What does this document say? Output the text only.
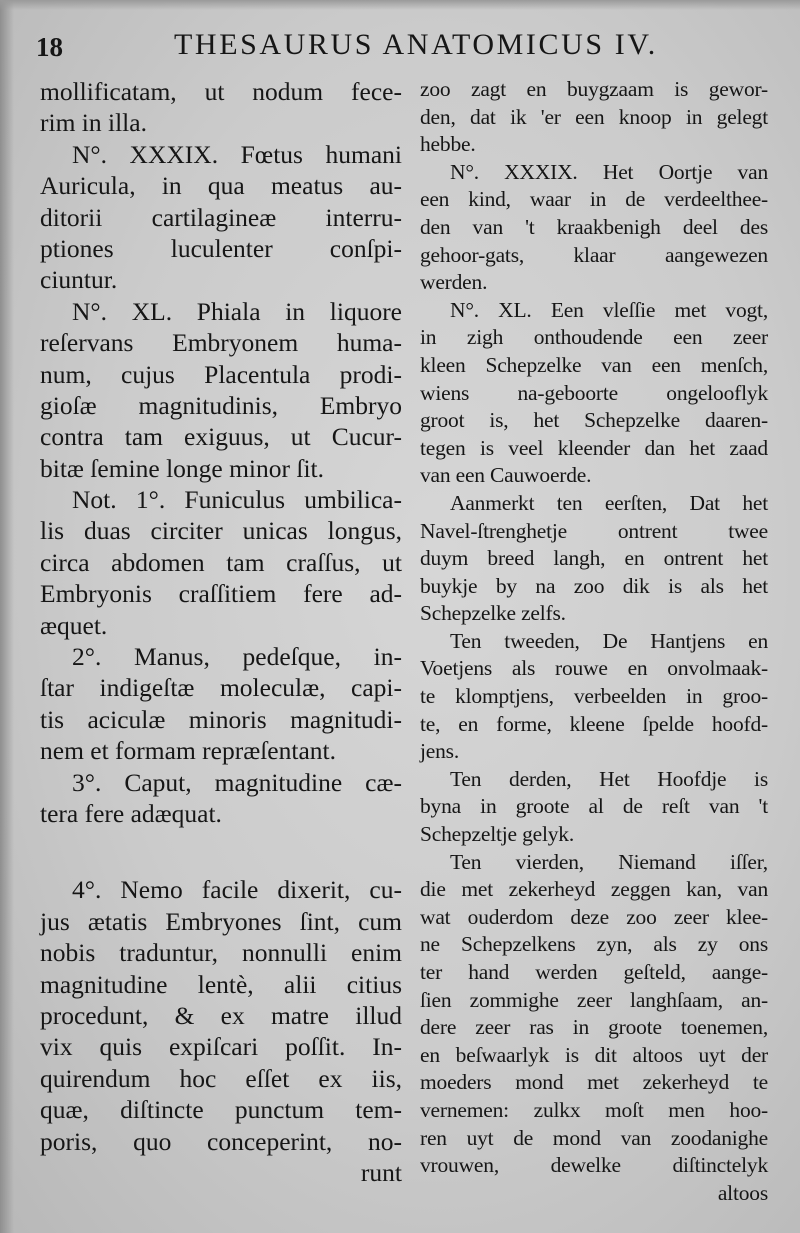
18	THESAURUS ANATOMICUS IV.
mollificatam, ut nodum fece-
rim in illa.
N°. XXXIX. Fœtus humani
Auricula, in qua meatus au-
ditorii cartilagineæ interru-
ptiones luculenter conſpi-
ciuntur.
N°. XL. Phiala in liquore
reſervans Embryonem huma-
num, cujus Placentula prodi-
gioſæ magnitudinis, Embryo
contra tam exiguus, ut Cucur-
bitæ ſemine longe minor ſit.
Not. 1°. Funiculus umbilica-
lis duas circiter unicas longus,
circa abdomen tam craſſus, ut
Embryonis craſſitiem fere ad-
æquet.
2°. Manus, pedeſque, in-
ſtar indigeſtæ moleculæ, capi-
tis aciculæ minoris magnitudi-
nem et formam repræſentant.
3°. Caput, magnitudine cæ-
tera fere adæquat.
4°. Nemo facile dixerit, cu-
jus ætatis Embryones ſint, cum
nobis traduntur, nonnulli enim
magnitudine lentè, alii citius
procedunt, & ex matre illud
vix quis expiſcari poſſit. In-
quirendum hoc eſſet ex iis,
quæ, diſtincte punctum tem-
poris, quo conceperint, no-
runt
zoo zagt en buygzaam is gewor-
den, dat ik 'er een knoop in gelegt
hebbe.
N°. XXXIX. Het Oortje van
een kind, waar in de verdeelthee-
den van 't kraakbenigh deel des
gehoor-gats, klaar aangewezen
werden.
N°. XL. Een vleſſie met vogt,
in zigh onthoudende een zeer
kleen Schepzelke van een menſch,
wiens na-geboorte ongelooflyk
groot is, het Schepzelke daaren-
tegen is veel kleender dan het zaad
van een Cauwoerde.
Aanmerkt ten eerſten, Dat het
Navel-ſtrenghetje ontrent twee
duym breed langh, en ontrent het
buykje by na zoo dik is als het
Schepzelke zelfs.
Ten tweeden, De Hantjens en
Voetjens als rouwe en onvolmaak-
te klomptjens, verbeelden in groo-
te, en forme, kleene ſpelde hoofd-
jens.
Ten derden, Het Hoofdje is
byna in groote al de reſt van 't
Schepzeltje gelyk.
Ten vierden, Niemand iſſer,
die met zekerheyd zeggen kan, van
wat ouderdom deze zoo zeer klee-
ne Schepzelkens zyn, als zy ons
ter hand werden geſteld, aange-
ſien zommighe zeer langhſaam, an-
dere zeer ras in groote toenemen,
en beſwaarlyk is dit altoos uyt der
moeders mond met zekerheyd te
vernemen: zulkx moſt men hoo-
ren uyt de mond van zoodanighe
vrouwen, dewelke diſtinctelyk
altoos
